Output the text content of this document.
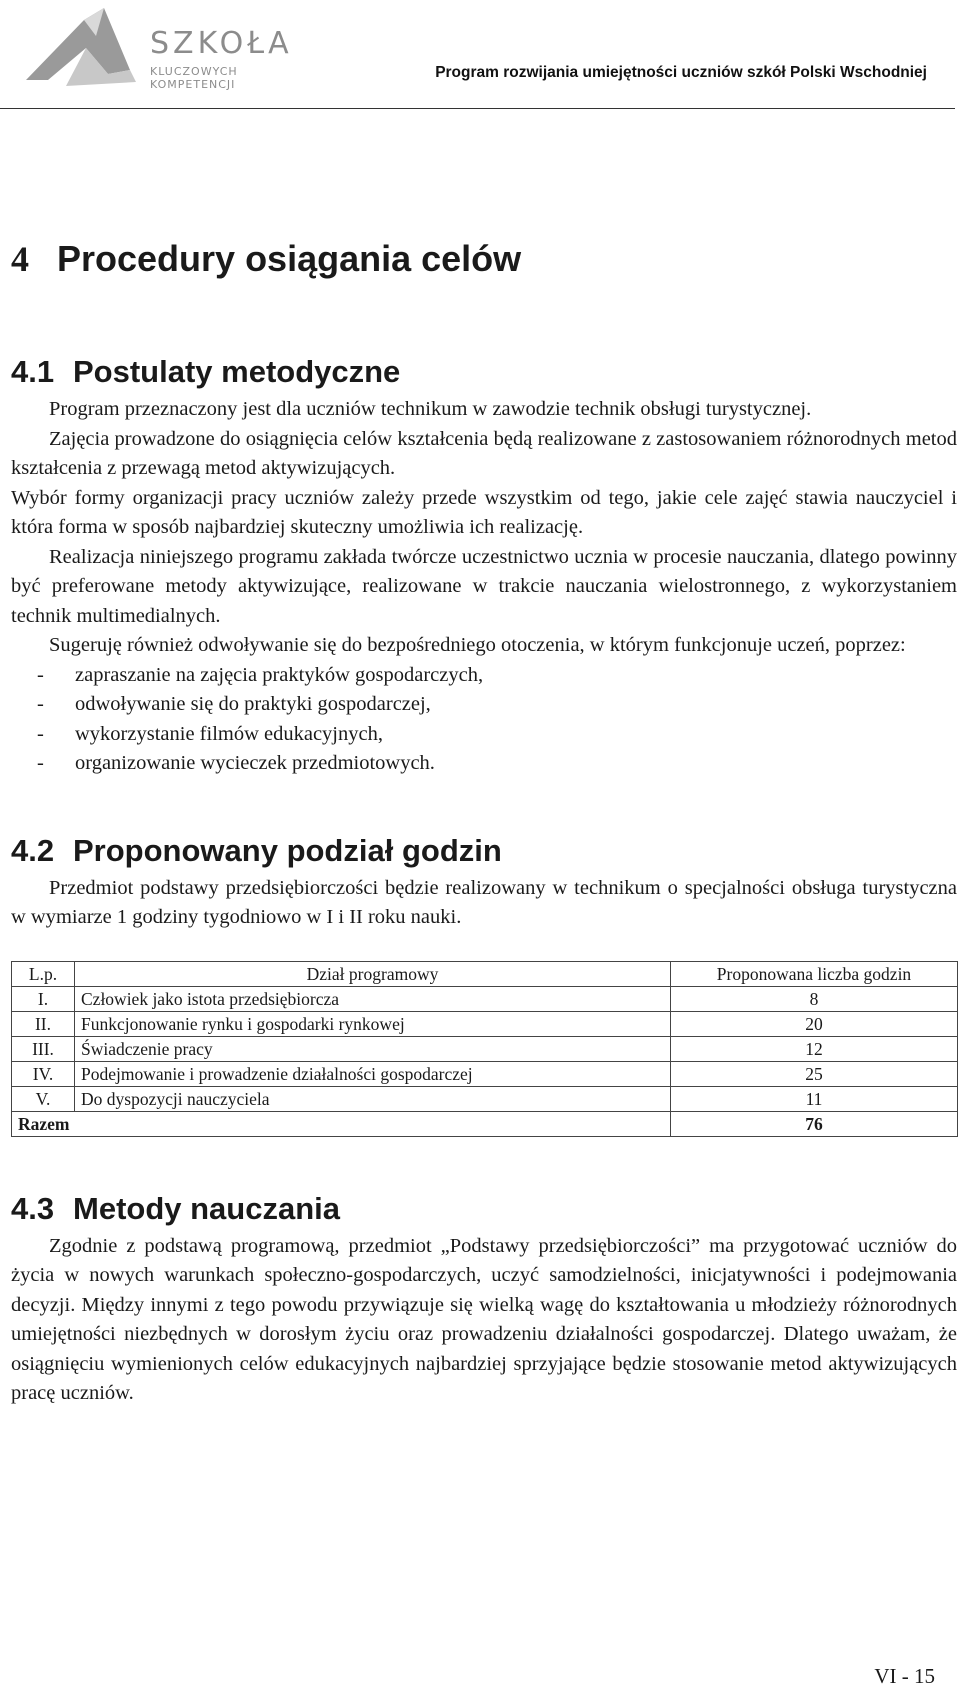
SZKOŁA
KLUCZOWYCH KOMPETENCJI
Program rozwijania umiejętności uczniów szkół Polski Wschodniej
4 Procedury osiągania celów
4.1 Postulaty metodyczne

Program przeznaczony jest dla uczniów technikum w zawodzie technik obsługi turystycznej.

Zajęcia prowadzone do osiągnięcia celów kształcenia będą realizowane z zastosowaniem różnorodnych metod kształcenia z przewagą metod aktywizujących.

Wybór formy organizacji pracy uczniów zależy przede wszystkim od tego, jakie cele zajęć stawia nauczyciel i która forma w sposób najbardziej skuteczny umożliwia ich realizację.

Realizacja niniejszego programu zakłada twórcze uczestnictwo ucznia w procesie nauczania, dlatego powinny być preferowane metody aktywizujące, realizowane w trakcie nauczania wielostronnego, z wykorzystaniem technik multimedialnych.

Sugeruję również odwoływanie się do bezpośredniego otoczenia, w którym funkcjonuje uczeń, poprzez:

-	zapraszanie na zajęcia praktyków gospodarczych,
-	odwoływanie się do praktyki gospodarczej,
-	wykorzystanie filmów edukacyjnych,
-	organizowanie wycieczek przedmiotowych.
4.2 Proponowany podział godzin

Przedmiot podstawy przedsiębiorczości będzie realizowany w technikum o specjalności obsługa turystyczna w wymiarze 1 godziny tygodniowo w I i II roku nauki.

L.p.	Dział programowy	Proponowana liczba godzin
I.	Człowiek jako istota przedsiębiorcza	8
II.	Funkcjonowanie rynku i gospodarki rynkowej	20
III.	Świadczenie pracy	12
IV.	Podejmowanie i prowadzenie działalności gospodarczej	25
V.	Do dyspozycji nauczyciela	11
Razem		76
4.3 Metody nauczania

Zgodnie z podstawą programową, przedmiot „Podstawy przedsiębiorczości” ma przygotować uczniów do życia w nowych warunkach społeczno-gospodarczych, uczyć samodzielności, inicjatywności i podejmowania decyzji. Między innymi z tego powodu przywiązuje się wielką wagę do kształtowania u młodzieży różnorodnych umiejętności niezbędnych w dorosłym życiu oraz prowadzeniu działalności gospodarczej. Dlatego uważam, że osiągnięciu wymienionych celów edukacyjnych najbardziej sprzyjające będzie stosowanie metod aktywizujących pracę uczniów.

VI - 15
